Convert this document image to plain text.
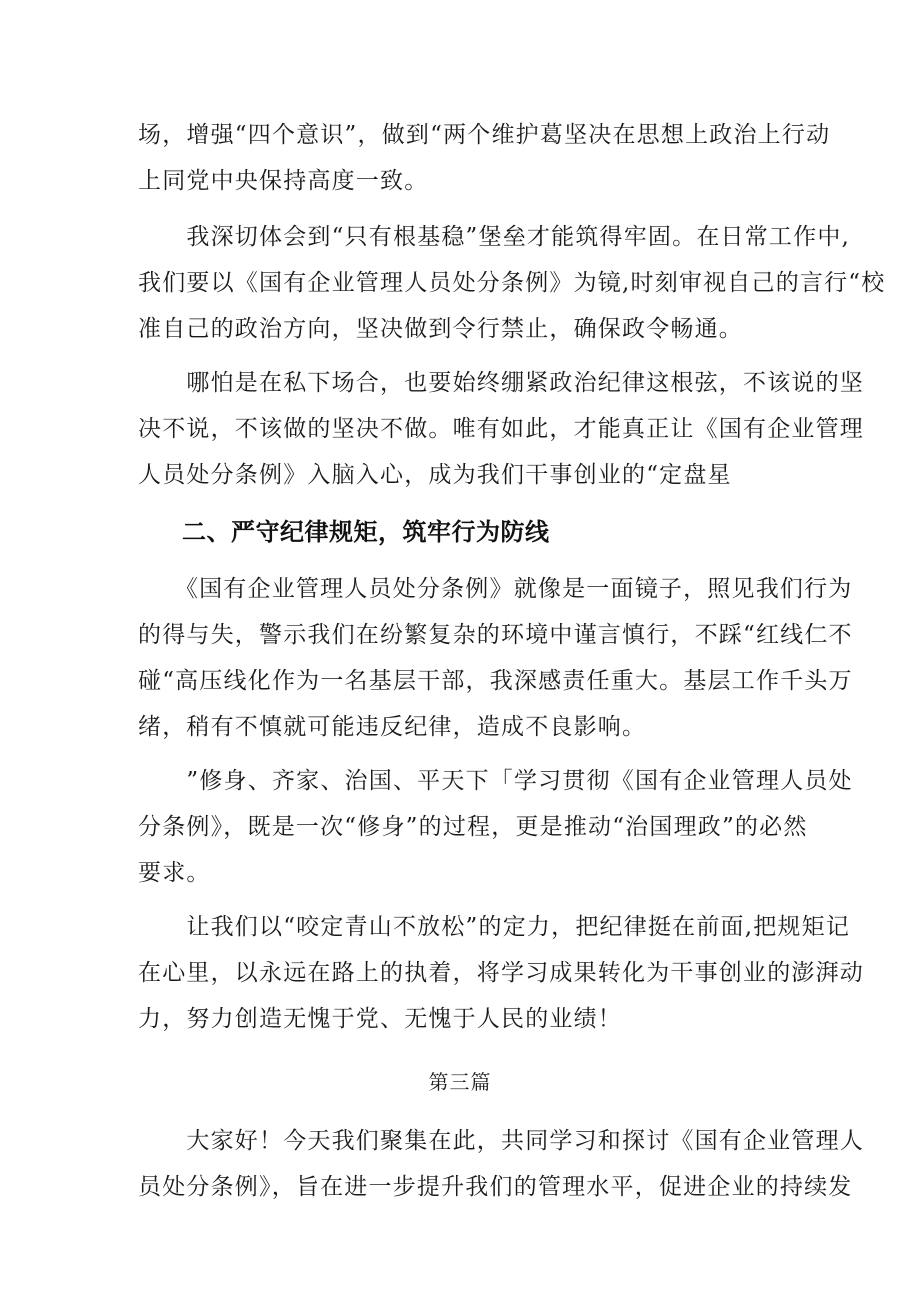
场，增强“四个意识”，做到“两个维护葛坚决在思想上政治上行动
上同党中央保持高度一致。
　　我深切体会到“只有根基稳”堡垒才能筑得牢固。在日常工作中,
我们要以《国有企业管理人员处分条例》为镜,时刻审视自己的言行“校
准自己的政治方向，坚决做到令行禁止，确保政令畅通。
　　哪怕是在私下场合，也要始终绷紧政治纪律这根弦，不该说的坚
决不说，不该做的坚决不做。唯有如此，才能真正让《国有企业管理
人员处分条例》入脑入心，成为我们干事创业的“定盘星
二、严守纪律规矩，筑牢行为防线
　　《国有企业管理人员处分条例》就像是一面镜子，照见我们行为
的得与失，警示我们在纷繁复杂的环境中谨言慎行，不踩“红线仁不
碰“高压线化作为一名基层干部，我深感责任重大。基层工作千头万
绪，稍有不慎就可能违反纪律，造成不良影响。
　　”修身、齐家、治国、平天下「学习贯彻《国有企业管理人员处
分条例》，既是一次“修身”的过程，更是推动“治国理政”的必然
要求。
　　让我们以“咬定青山不放松”的定力，把纪律挺在前面,把规矩记
在心里，以永远在路上的执着，将学习成果转化为干事创业的澎湃动
力，努力创造无愧于党、无愧于人民的业绩！

第三篇

　　大家好！今天我们聚集在此，共同学习和探讨《国有企业管理人
员处分条例》，旨在进一步提升我们的管理水平，促进企业的持续发
